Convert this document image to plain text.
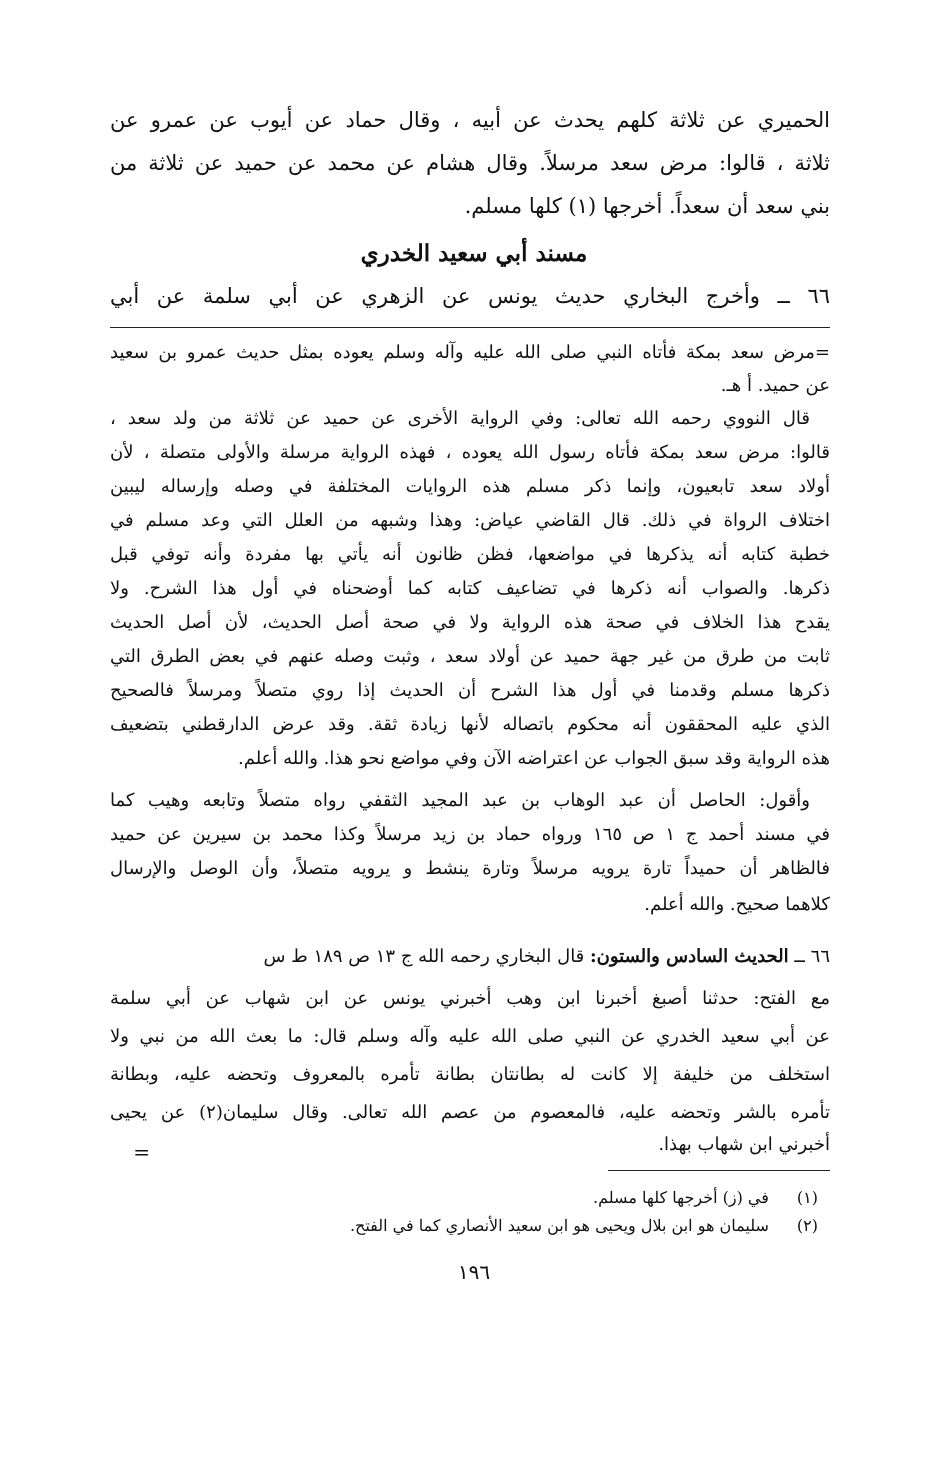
الحميري عن ثلاثة كلهم يحدث عن أبيه ، وقال حماد عن أيوب عن عمرو عن
ثلاثة ، قالوا: مرض سعد مرسلاً. وقال هشام عن محمد عن حميد عن ثلاثة من
بني سعد أن سعداً. أخرجها (١) كلها مسلم.
مسند أبي سعيد الخدري
٦٦ ــ وأخرج البخاري حديث يونس عن الزهري عن أبي سلمة عن أبي
=مرض سعد بمكة فأتاه النبي صلى الله عليه وآله وسلم يعوده بمثل حديث عمرو بن سعيد
عن حميد. أ هـ.
قال النووي رحمه الله تعالى: وفي الرواية الأخرى عن حميد عن ثلاثة من ولد سعد ،
قالوا: مرض سعد بمكة فأتاه رسول الله يعوده ، فهذه الرواية مرسلة والأولى متصلة ، لأن
أولاد سعد تابعيون، وإنما ذكر مسلم هذه الروايات المختلفة في وصله وإرساله ليبين
اختلاف الرواة في ذلك. قال القاضي عياض: وهذا وشبهه من العلل التي وعد مسلم في
خطبة كتابه أنه يذكرها في مواضعها، فظن ظانون أنه يأتي بها مفردة وأنه توفي قبل
ذكرها. والصواب أنه ذكرها في تضاعيف كتابه كما أوضحناه في أول هذا الشرح. ولا
يقدح هذا الخلاف في صحة هذه الرواية ولا في صحة أصل الحديث، لأن أصل الحديث
ثابت من طرق من غير جهة حميد عن أولاد سعد ، وثبت وصله عنهم في بعض الطرق التي
ذكرها مسلم وقدمنا في أول هذا الشرح أن الحديث إذا روي متصلاً ومرسلاً فالصحيح
الذي عليه المحققون أنه محكوم باتصاله لأنها زيادة ثقة. وقد عرض الدارقطني بتضعيف
هذه الرواية وقد سبق الجواب عن اعتراضه الآن وفي مواضع نحو هذا. والله أعلم.
وأقول: الحاصل أن عبد الوهاب بن عبد المجيد الثقفي رواه متصلاً وتابعه وهيب كما
في مسند أحمد ج ١ ص ١٦٥ ورواه حماد بن زيد مرسلاً وكذا محمد بن سيرين عن حميد
فالظاهر أن حميداً تارة يرويه مرسلاً وتارة ينشط و يرويه متصلاً، وأن الوصل والإرسال
كلاهما صحيح. والله أعلم.
٦٦ ــ الحديث السادس والستون: قال البخاري رحمه الله ج ١٣ ص ١٨٩ ط س
مع الفتح: حدثنا أصبغ أخبرنا ابن وهب أخبرني يونس عن ابن شهاب عن أبي سلمة
عن أبي سعيد الخدري عن النبي صلى الله عليه وآله وسلم قال: ما بعث الله من نبي ولا
استخلف من خليفة إلا كانت له بطانتان بطانة تأمره بالمعروف وتحضه عليه، وبطانة
تأمره بالشر وتحضه عليه، فالمعصوم من عصم الله تعالى. وقال سليمان(٢) عن يحيى
أخبرني ابن شهاب بهذا.
=
(١) في (ز) أخرجها كلها مسلم.
(٢) سليمان هو ابن بلال ويحيى هو ابن سعيد الأنصاري كما في الفتح.
١٩٦
